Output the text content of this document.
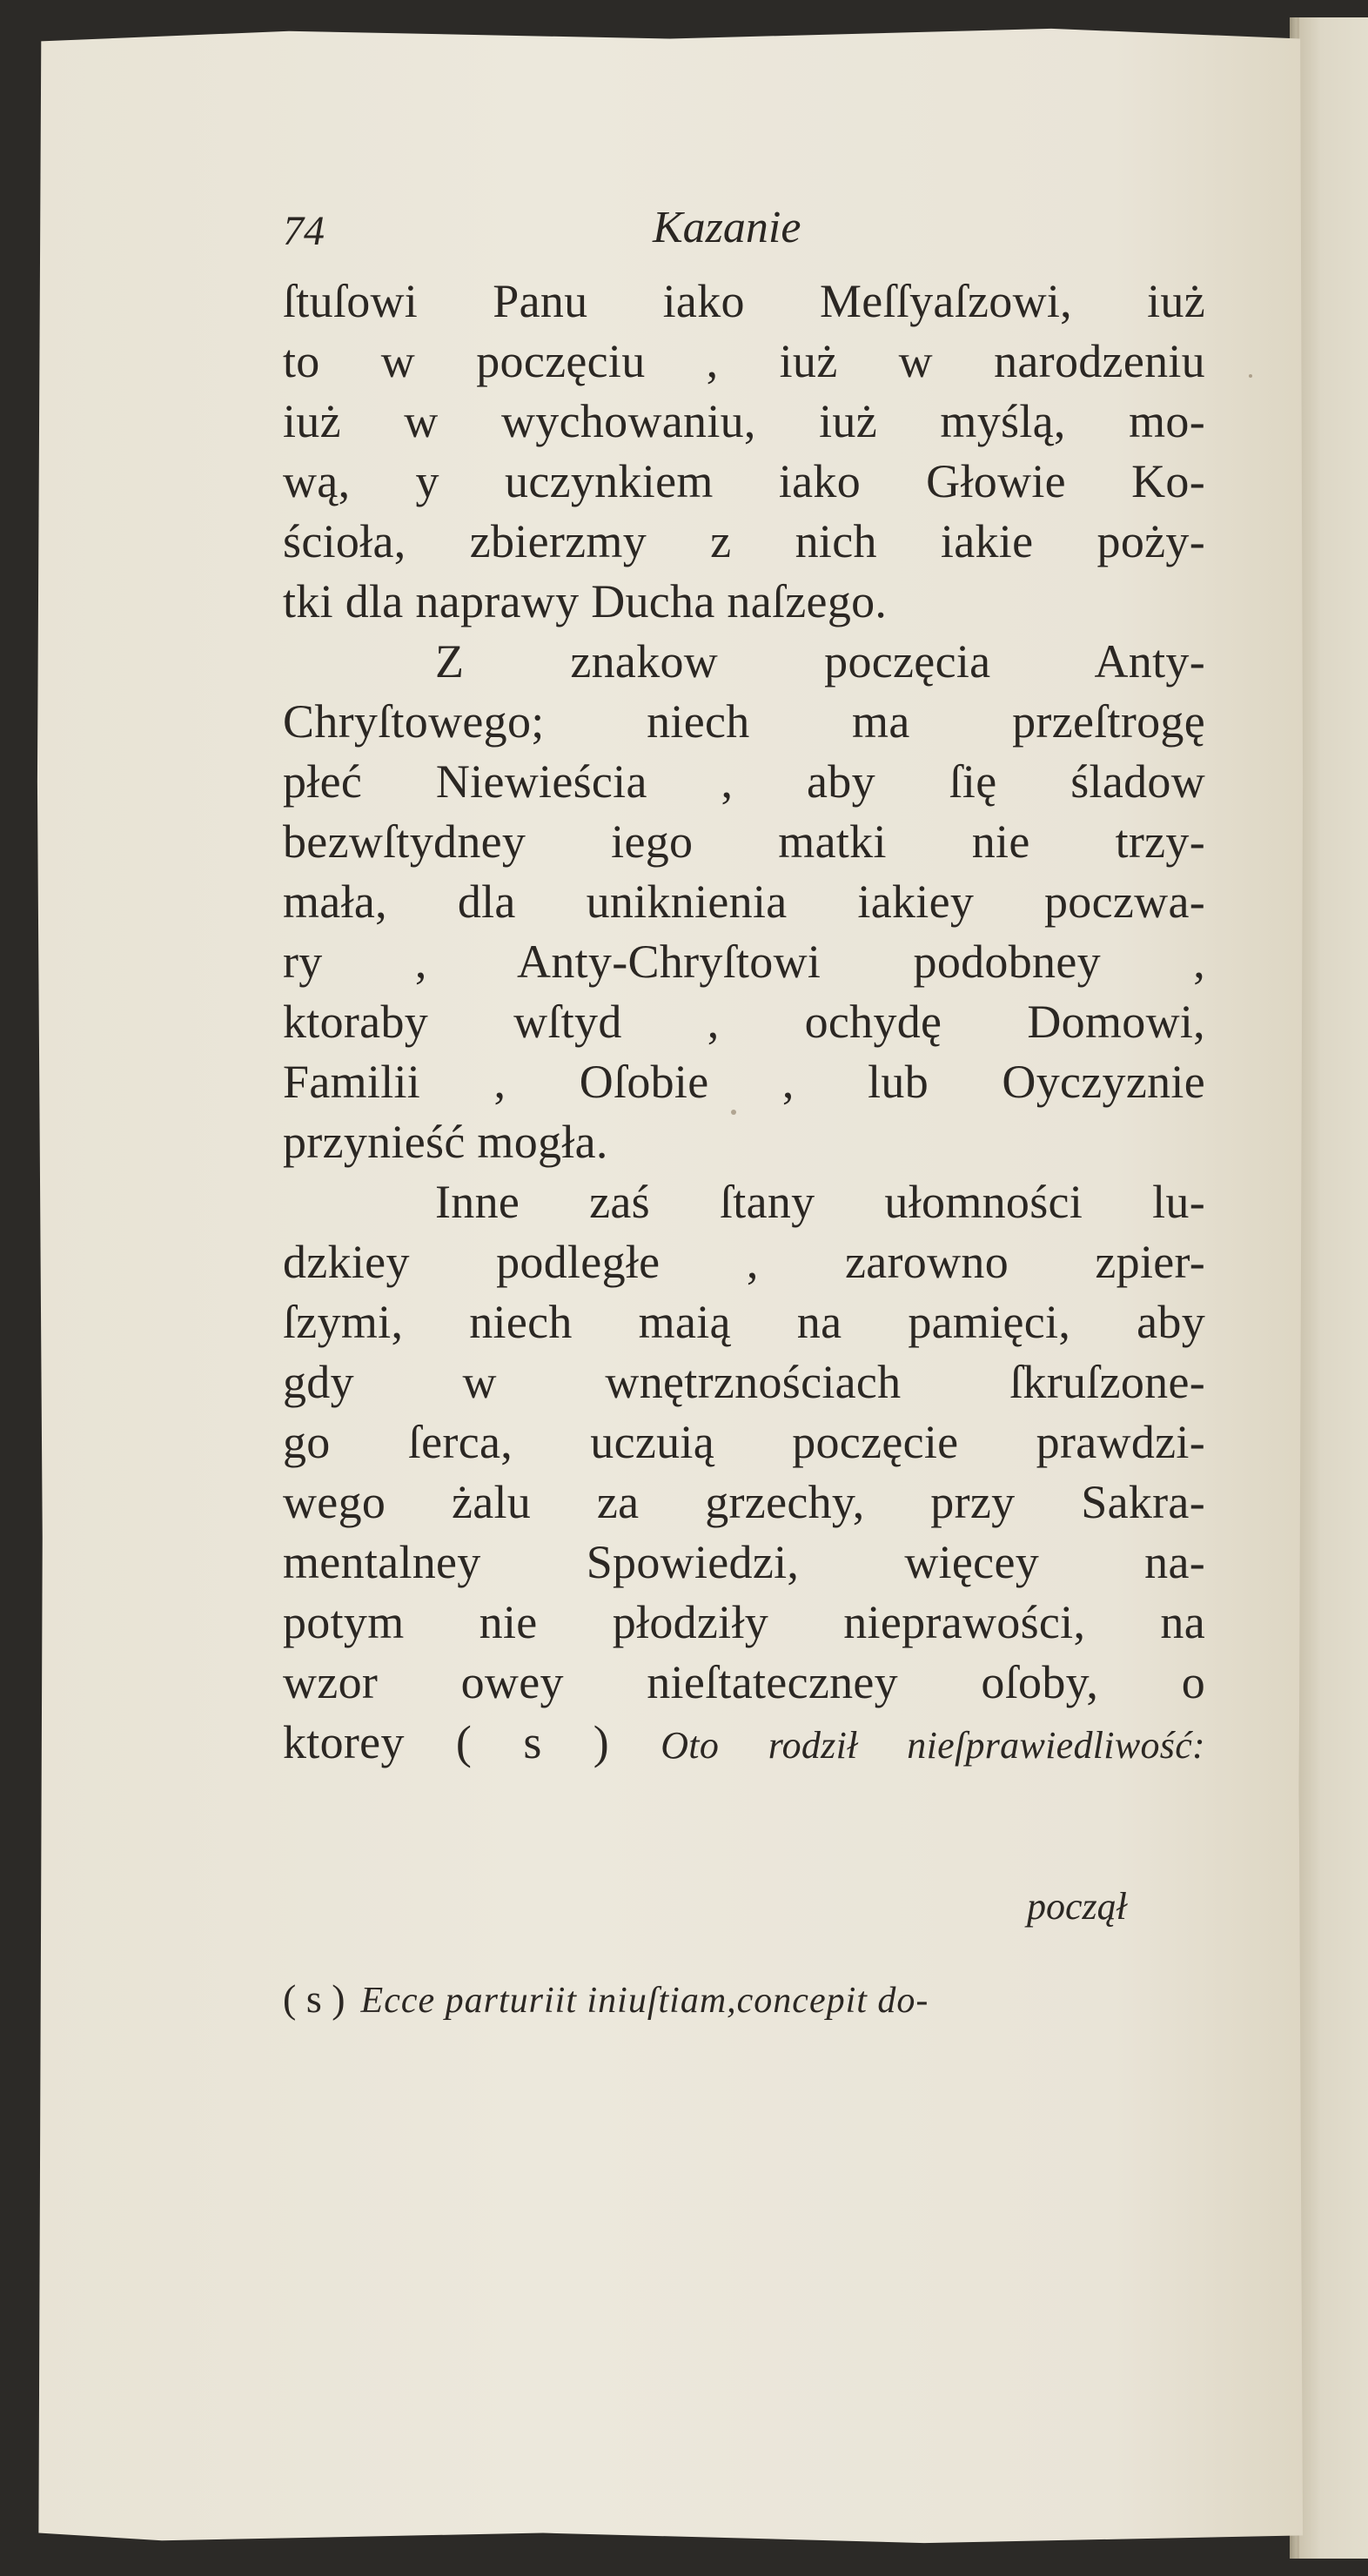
74	Kazanie
ſtuſowi Panu iako Meſſyaſzowi, iuż
to w poczęciu , iuż w narodzeniu
iuż w wychowaniu, iuż myślą, mo-
wą, y uczynkiem iako Głowie Ko-
ścioła, zbierzmy z nich iakie poży-
tki dla naprawy Ducha naſzego.
Z znakow poczęcia Anty-
Chryſtowego; niech ma przeſtrogę
płeć Niewieścia , aby ſię śladow
bezwſtydney iego matki nie trzy-
mała, dla uniknienia iakiey poczwa-
ry , Anty-Chryſtowi podobney ,
ktoraby wſtyd , ochydę Domowi,
Familii , Oſobie , lub Oyczyznie
przynieść mogła.
Inne zaś ſtany ułomności lu-
dzkiey podległe , zarowno zpier-
ſzymi, niech maią na pamięci, aby
gdy w wnętrznościach ſkruſzone-
go ſerca, uczuią poczęcie prawdzi-
wego żalu za grzechy, przy Sakra-
mentalney Spowiedzi, więcey na-
potym nie płodziły nieprawości, na
wzor owey nieſtateczney oſoby, o
ktorey ( s ) Oto rodził nieſprawiedliwość:
począł
( s ) Ecce parturiit iniuſtiam,concepit do-
